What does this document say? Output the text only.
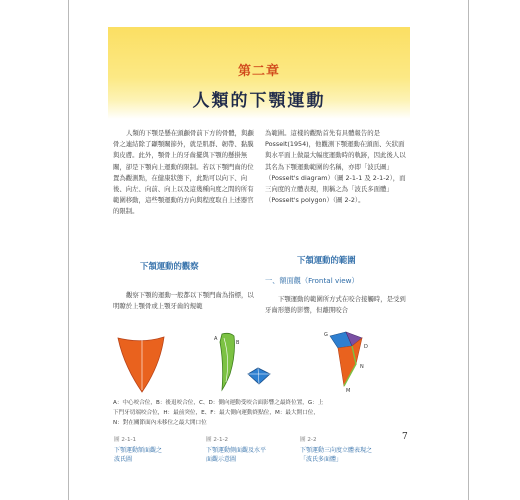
第二章
人類的下顎運動

人類的下顎是懸在頭顱骨前下方的骨體，與顱骨之連結除了顳顎關節外，就是肌群、韌帶、黏膜與皮膚。此外，顎骨上的牙齒擺與下顎的懸掛無關，卻是下顎向上運動的限制。若以下顎門齒的位置為觀測點，在健康狀態下，此點可以向下、向後、向左、向前、向上以及這幾種向度之間的所有範圍移動，這些顎運動的方向與程度取自上述器官的限制。

為範圍。這樣的觀點首先有具體報告的是Posselt(1954)，他觀測下顎運動在頭面、矢狀面與水平面上做最大幅度運動時的軌跡，因此後人以其名為下顎運動範圍的名稱，亦即「波氏圖」（Posselt's diagram）（圖 2-1-1 及 2-1-2），而三向度的立體表現，則稱之為「波氏多面體」（Posselt's polygon）（圖 2-2）。

下頷運動的觀察
觀察下顎的運動一般都以下顎門齒為指標，以明瞭於上顎骨或上顎牙齒的規範
下頷運動的範圍
一、額面觀（Frontal view）
下顎運動的範圍所方式在咬合接觸時，是受到牙齒形態的影響，但離開咬合
A
B
G
D
N
M
A：中心咬合位，B：後退咬合位，C、D：側向運動受咬合面影響之最終位置，G：上
下門牙切端咬合位，H：最前突位，E、F：最大側向運動終點位，M：最大開口位，
N：對在關節面內未移位之最大開口位
圖 2-1-1
下顎運動額面觀之
波氏圖
圖 2-1-2
下顎運動側面觀及水平
面觀示意圖
圖 2-2
下顎運動三向度立體表現之
「波氏多面體」
7
